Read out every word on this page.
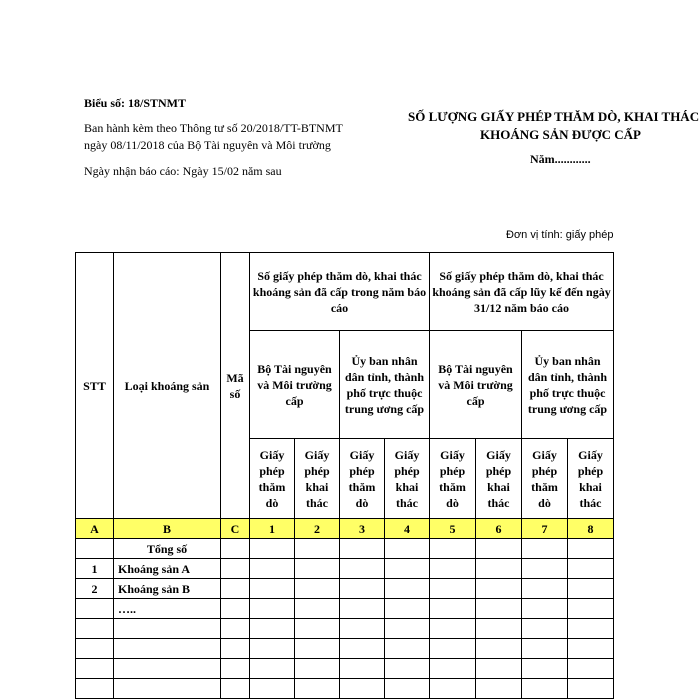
Biểu số: 18/STNMT
Ban hành kèm theo Thông tư số 20/2018/TT-BTNMT
ngày 08/11/2018 của Bộ Tài nguyên và Môi trường
Ngày nhận báo cáo: Ngày 15/02 năm sau
SỐ LƯỢNG GIẤY PHÉP THĂM DÒ, KHAI THÁC
KHOÁNG SẢN ĐƯỢC CẤP
Năm............
Đơn vị tính: giấy phép
STT	Loại khoáng sản	Mã số	Số giấy phép thăm dò, khai thác khoáng sản đã cấp trong năm báo cáo				Số giấy phép thăm dò, khai thác khoáng sản đã cấp lũy kế đến ngày 31/12 năm báo cáo			
			Bộ Tài nguyên và Môi trường cấp		Ủy ban nhân dân tỉnh, thành phố trực thuộc trung ương cấp		Bộ Tài nguyên và Môi trường cấp		Ủy ban nhân dân tỉnh, thành phố trực thuộc trung ương cấp	
			Giấy phép thăm dò	Giấy phép khai thác	Giấy phép thăm dò	Giấy phép khai thác	Giấy phép thăm dò	Giấy phép khai thác	Giấy phép thăm dò	Giấy phép khai thác
A	B	C	1	2	3	4	5	6	7	8
	Tổng số									
1	Khoáng sản A									
2	Khoáng sản B									
	…..									
